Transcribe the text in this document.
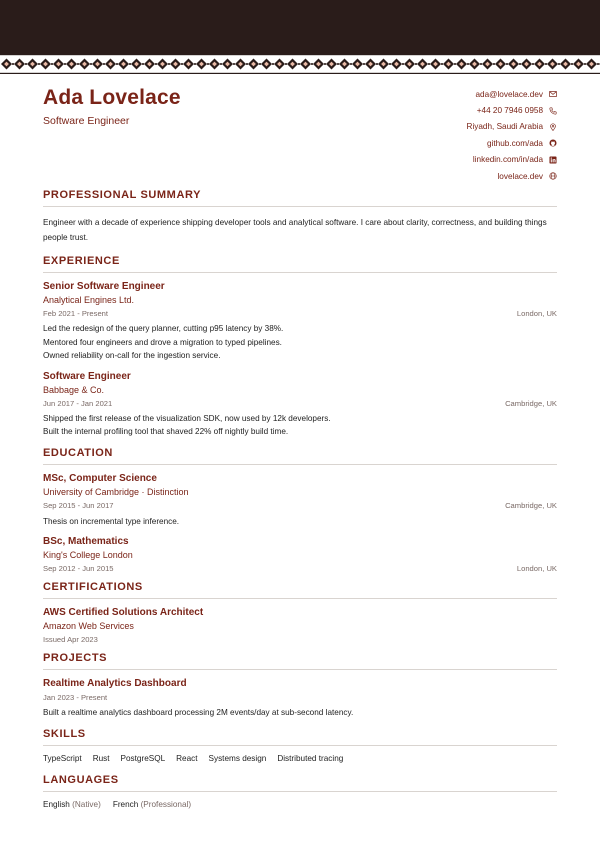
Ada Lovelace
Software Engineer
ada@lovelace.dev
+44 20 7946 0958
Riyadh, Saudi Arabia
github.com/ada
linkedin.com/in/ada
lovelace.dev
PROFESSIONAL SUMMARY
Engineer with a decade of experience shipping developer tools and analytical software. I care about clarity, correctness, and building things people trust.
EXPERIENCE
Senior Software Engineer
Analytical Engines Ltd.
Feb 2021 - Present	London, UK
Led the redesign of the query planner, cutting p95 latency by 38%.
Mentored four engineers and drove a migration to typed pipelines.
Owned reliability on-call for the ingestion service.
Software Engineer
Babbage & Co.
Jun 2017 - Jan 2021	Cambridge, UK
Shipped the first release of the visualization SDK, now used by 12k developers.
Built the internal profiling tool that shaved 22% off nightly build time.
EDUCATION
MSc, Computer Science
University of Cambridge · Distinction
Sep 2015 - Jun 2017	Cambridge, UK
Thesis on incremental type inference.
BSc, Mathematics
King's College London
Sep 2012 - Jun 2015	London, UK
CERTIFICATIONS
AWS Certified Solutions Architect
Amazon Web Services
Issued Apr 2023
PROJECTS
Realtime Analytics Dashboard
Jan 2023 - Present
Built a realtime analytics dashboard processing 2M events/day at sub-second latency.
SKILLS
TypeScript Rust PostgreSQL React Systems design Distributed tracing
LANGUAGES
English (Native) French (Professional)
